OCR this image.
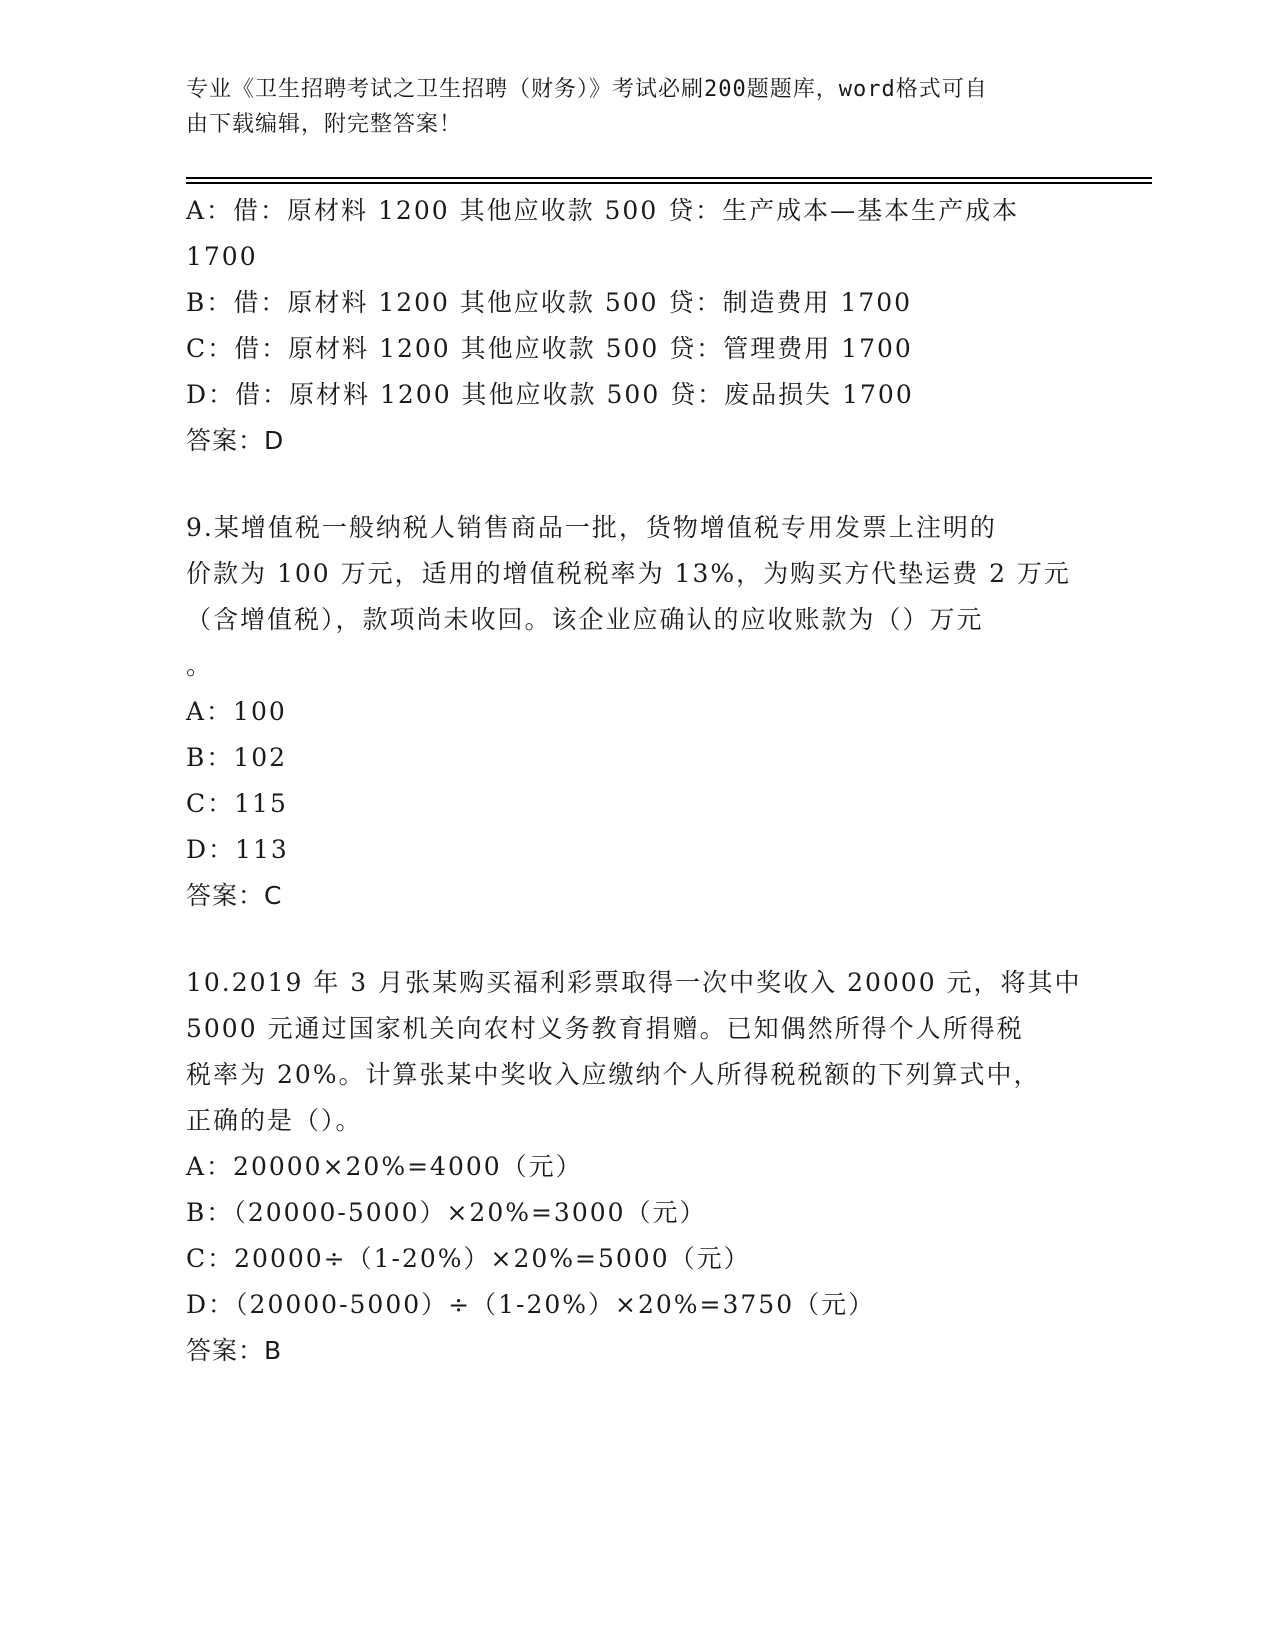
专业《卫生招聘考试之卫生招聘（财务）》考试必刷200题题库，word格式可自
由下载编辑，附完整答案！
A：借：原材料 1200 其他应收款 500 贷：生产成本—基本生产成本
1700
B：借：原材料 1200 其他应收款 500 贷：制造费用 1700
C：借：原材料 1200 其他应收款 500 贷：管理费用 1700
D：借：原材料 1200 其他应收款 500 贷：废品损失 1700
答案：D
9.某增值税一般纳税人销售商品一批，货物增值税专用发票上注明的
价款为 100 万元，适用的增值税税率为 13%，为购买方代垫运费 2 万元
（含增值税），款项尚未收回。该企业应确认的应收账款为（）万元
。
A：100
B：102
C：115
D：113
答案：C
10.2019 年 3 月张某购买福利彩票取得一次中奖收入 20000 元，将其中
5000 元通过国家机关向农村义务教育捐赠。已知偶然所得个人所得税
税率为 20%。计算张某中奖收入应缴纳个人所得税税额的下列算式中，
正确的是（）。
A：20000×20%=4000（元）
B：（20000-5000）×20%=3000（元）
C：20000÷（1-20%）×20%=5000（元）
D：（20000-5000）÷（1-20%）×20%=3750（元）
答案：B
